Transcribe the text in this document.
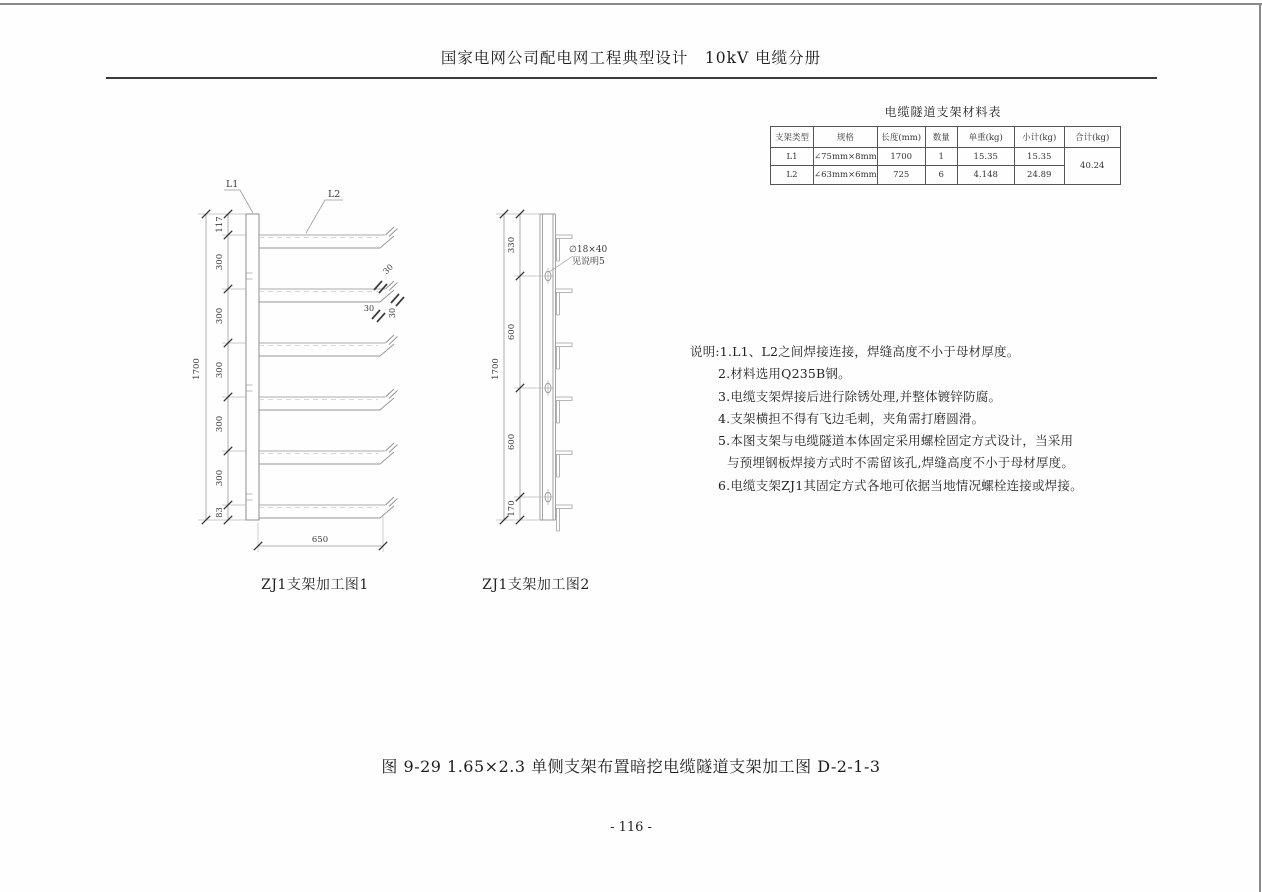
国家电网公司配电网工程典型设计　10kV 电缆分册
电缆隧道支架材料表
支架类型	规格	长度(mm)	数量	单重(kg)	小计(kg)	合计(kg)
L1	∠75mm×8mm	1700	1	15.35	15.35	40.24
L2	∠63mm×6mm	725	6	4.148	24.89	
1700
117
300
300
300
300
300
83
650
L1
L2
30
30 30
1700
330
600
600
170
∅18×40
见说明5
说明:1.L1、L2之间焊接连接，焊缝高度不小于母材厚度。
2.材料选用Q235B钢。
3.电缆支架焊接后进行除锈处理,并整体镀锌防腐。
4.支架横担不得有飞边毛刺，夹角需打磨圆滑。
5.本图支架与电缆隧道本体固定采用螺栓固定方式设计，当采用
与预埋钢板焊接方式时不需留该孔,焊缝高度不小于母材厚度。
6.电缆支架ZJ1其固定方式各地可依据当地情况螺栓连接或焊接。
ZJ1支架加工图1	ZJ1支架加工图2
图 9-29 1.65×2.3 单侧支架布置暗挖电缆隧道支架加工图 D-2-1-3
- 116 -
